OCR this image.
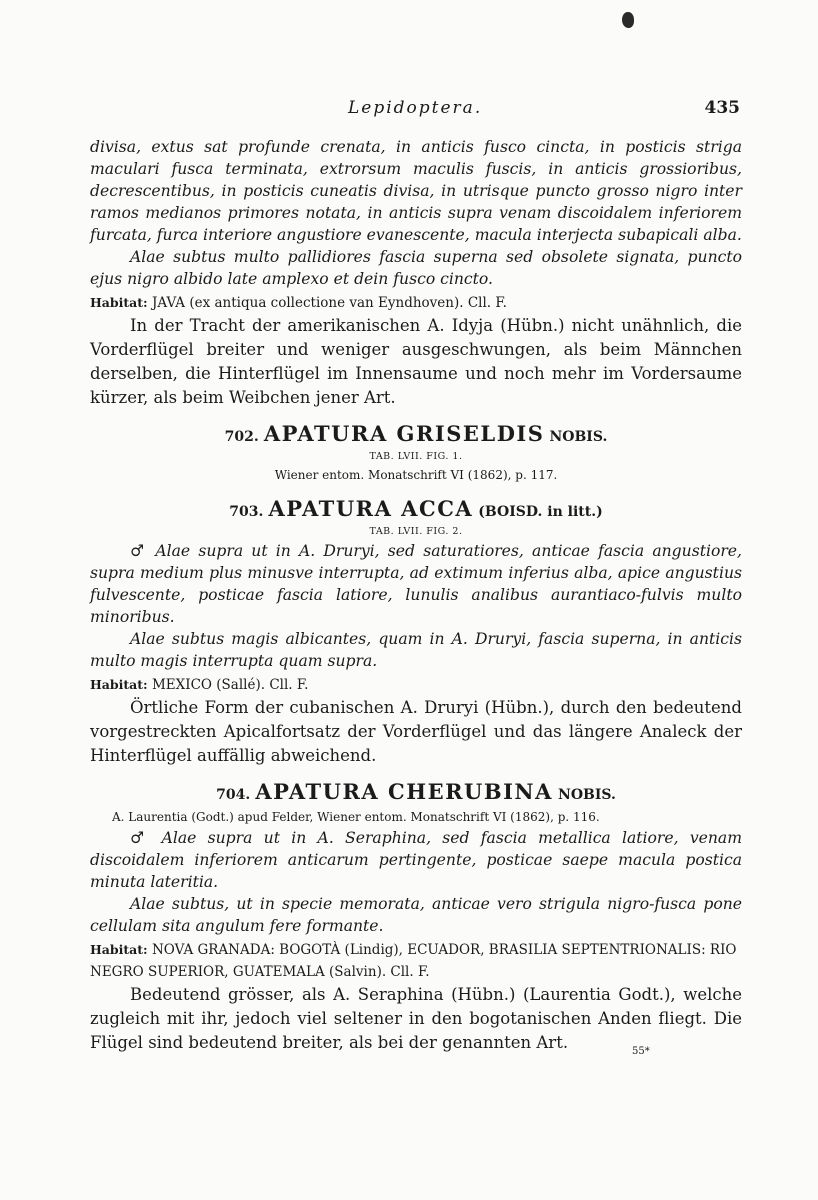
Lepidoptera.	435

divisa, extus sat profunde crenata, in anticis fusco cincta, in posticis striga maculari fusca terminata, extrorsum maculis fuscis, in anticis grossioribus, decrescentibus, in posticis cuneatis divisa, in utrisque puncto grosso nigro inter ramos medianos primores notata, in anticis supra venam discoidalem inferiorem furcata, furca interiore angustiore evanescente, macula interjecta subapicali alba.

Alae subtus multo pallidiores fascia superna sed obsolete signata, puncto ejus nigro albido late amplexo et dein fusco cincto.

Habitat: JAVA (ex antiqua collectione van Eyndhoven). Cll. F.

In der Tracht der amerikanischen A. Idyja (Hübn.) nicht unähnlich, die Vorderflügel breiter und weniger ausgeschwungen, als beim Männchen derselben, die Hinterflügel im Innensaume und noch mehr im Vordersaume kürzer, als beim Weibchen jener Art.

702. APATURA GRISELDIS NOBIS.
TAB. LVII. FIG. 1.
Wiener entom. Monatschrift VI (1862), p. 117.
703. APATURA ACCA (BOISD. in litt.)
TAB. LVII. FIG. 2.

♂ Alae supra ut in A. Druryi, sed saturatiores, anticae fascia angustiore, supra medium plus minusve interrupta, ad extimum inferius alba, apice angustius fulvescente, posticae fascia latiore, lunulis analibus aurantiaco-fulvis multo minoribus.

Alae subtus magis albicantes, quam in A. Druryi, fascia superna, in anticis multo magis interrupta quam supra.

Habitat: MEXICO (Sallé). Cll. F.

Örtliche Form der cubanischen A. Druryi (Hübn.), durch den bedeutend vorgestreckten Apicalfortsatz der Vorderflügel und das längere Analeck der Hinterflügel auffällig abweichend.

704. APATURA CHERUBINA NOBIS.
A. Laurentia (Godt.) apud Felder, Wiener entom. Monatschrift VI (1862), p. 116.

♂ Alae supra ut in A. Seraphina, sed fascia metallica latiore, venam discoidalem inferiorem anticarum pertingente, posticae saepe macula postica minuta lateritia.

Alae subtus, ut in specie memorata, anticae vero strigula nigro-fusca pone cellulam sita angulum fere formante.

Habitat: NOVA GRANADA: BOGOTÀ (Lindig), ECUADOR, BRASILIA SEPTENTRIONALIS: RIO NEGRO SUPERIOR, GUATEMALA (Salvin). Cll. F.

Bedeutend grösser, als A. Seraphina (Hübn.) (Laurentia Godt.), welche zugleich mit ihr, jedoch viel seltener in den bogotanischen Anden fliegt. Die Flügel sind bedeutend breiter, als bei der genannten Art.	55*
